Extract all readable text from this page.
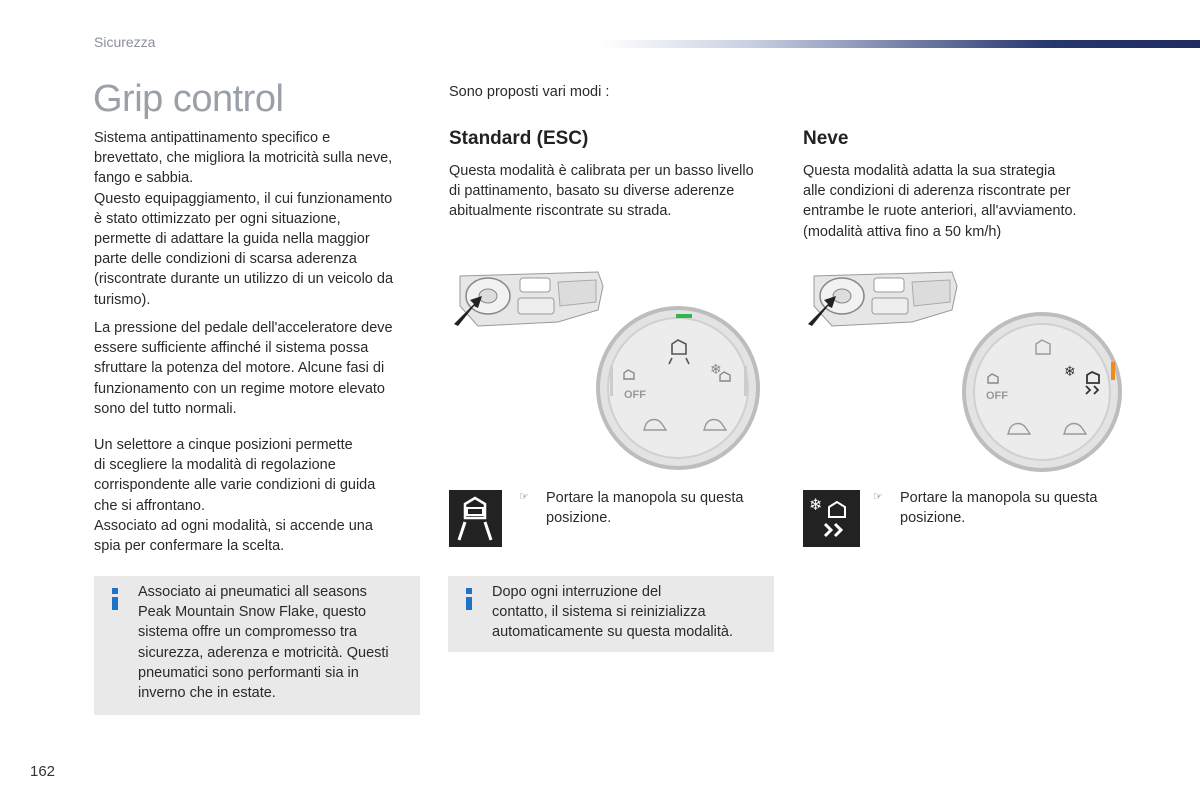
Sicurezza
Grip control

Sistema antipattinamento specifico e

brevettato, che migliora la motricità sulla neve,

fango e sabbia.

Questo equipaggiamento, il cui funzionamento

è stato ottimizzato per ogni situazione,

permette di adattare la guida nella maggior

parte delle condizioni di scarsa aderenza

(riscontrate durante un utilizzo di un veicolo da

turismo).

La pressione del pedale dell'acceleratore deve

essere sufficiente affinché il sistema possa

sfruttare la potenza del motore. Alcune fasi di

funzionamento con un regime motore elevato

sono del tutto normali.

Un selettore a cinque posizioni permette

di scegliere la modalità di regolazione

corrispondente alle varie condizioni di guida

che si affrontano.

Associato ad ogni modalità, si accende una

spia per confermare la scelta.

Associato ai pneumatici all seasons
Peak Mountain Snow Flake, questo
sistema offre un compromesso tra
sicurezza, aderenza e motricità. Questi
pneumatici sono performanti sia in
inverno che in estate.
Sono proposti vari modi :
Standard (ESC)

Questa modalità è calibrata per un basso livello

di pattinamento, basato su diverse aderenze

abitualmente riscontrate su strada.

OFF
❄
☞ Portare la manopola su questa

posizione.

Dopo ogni interruzione del
contatto, il sistema si reinizializza
automaticamente su questa modalità.
Neve

Questa modalità adatta la sua strategia

alle condizioni di aderenza riscontrate per

entrambe le ruote anteriori, all'avviamento.

(modalità attiva fino a 50 km/h)

OFF
❄
❄	☞ Portare la manopola su questa

posizione.

162
